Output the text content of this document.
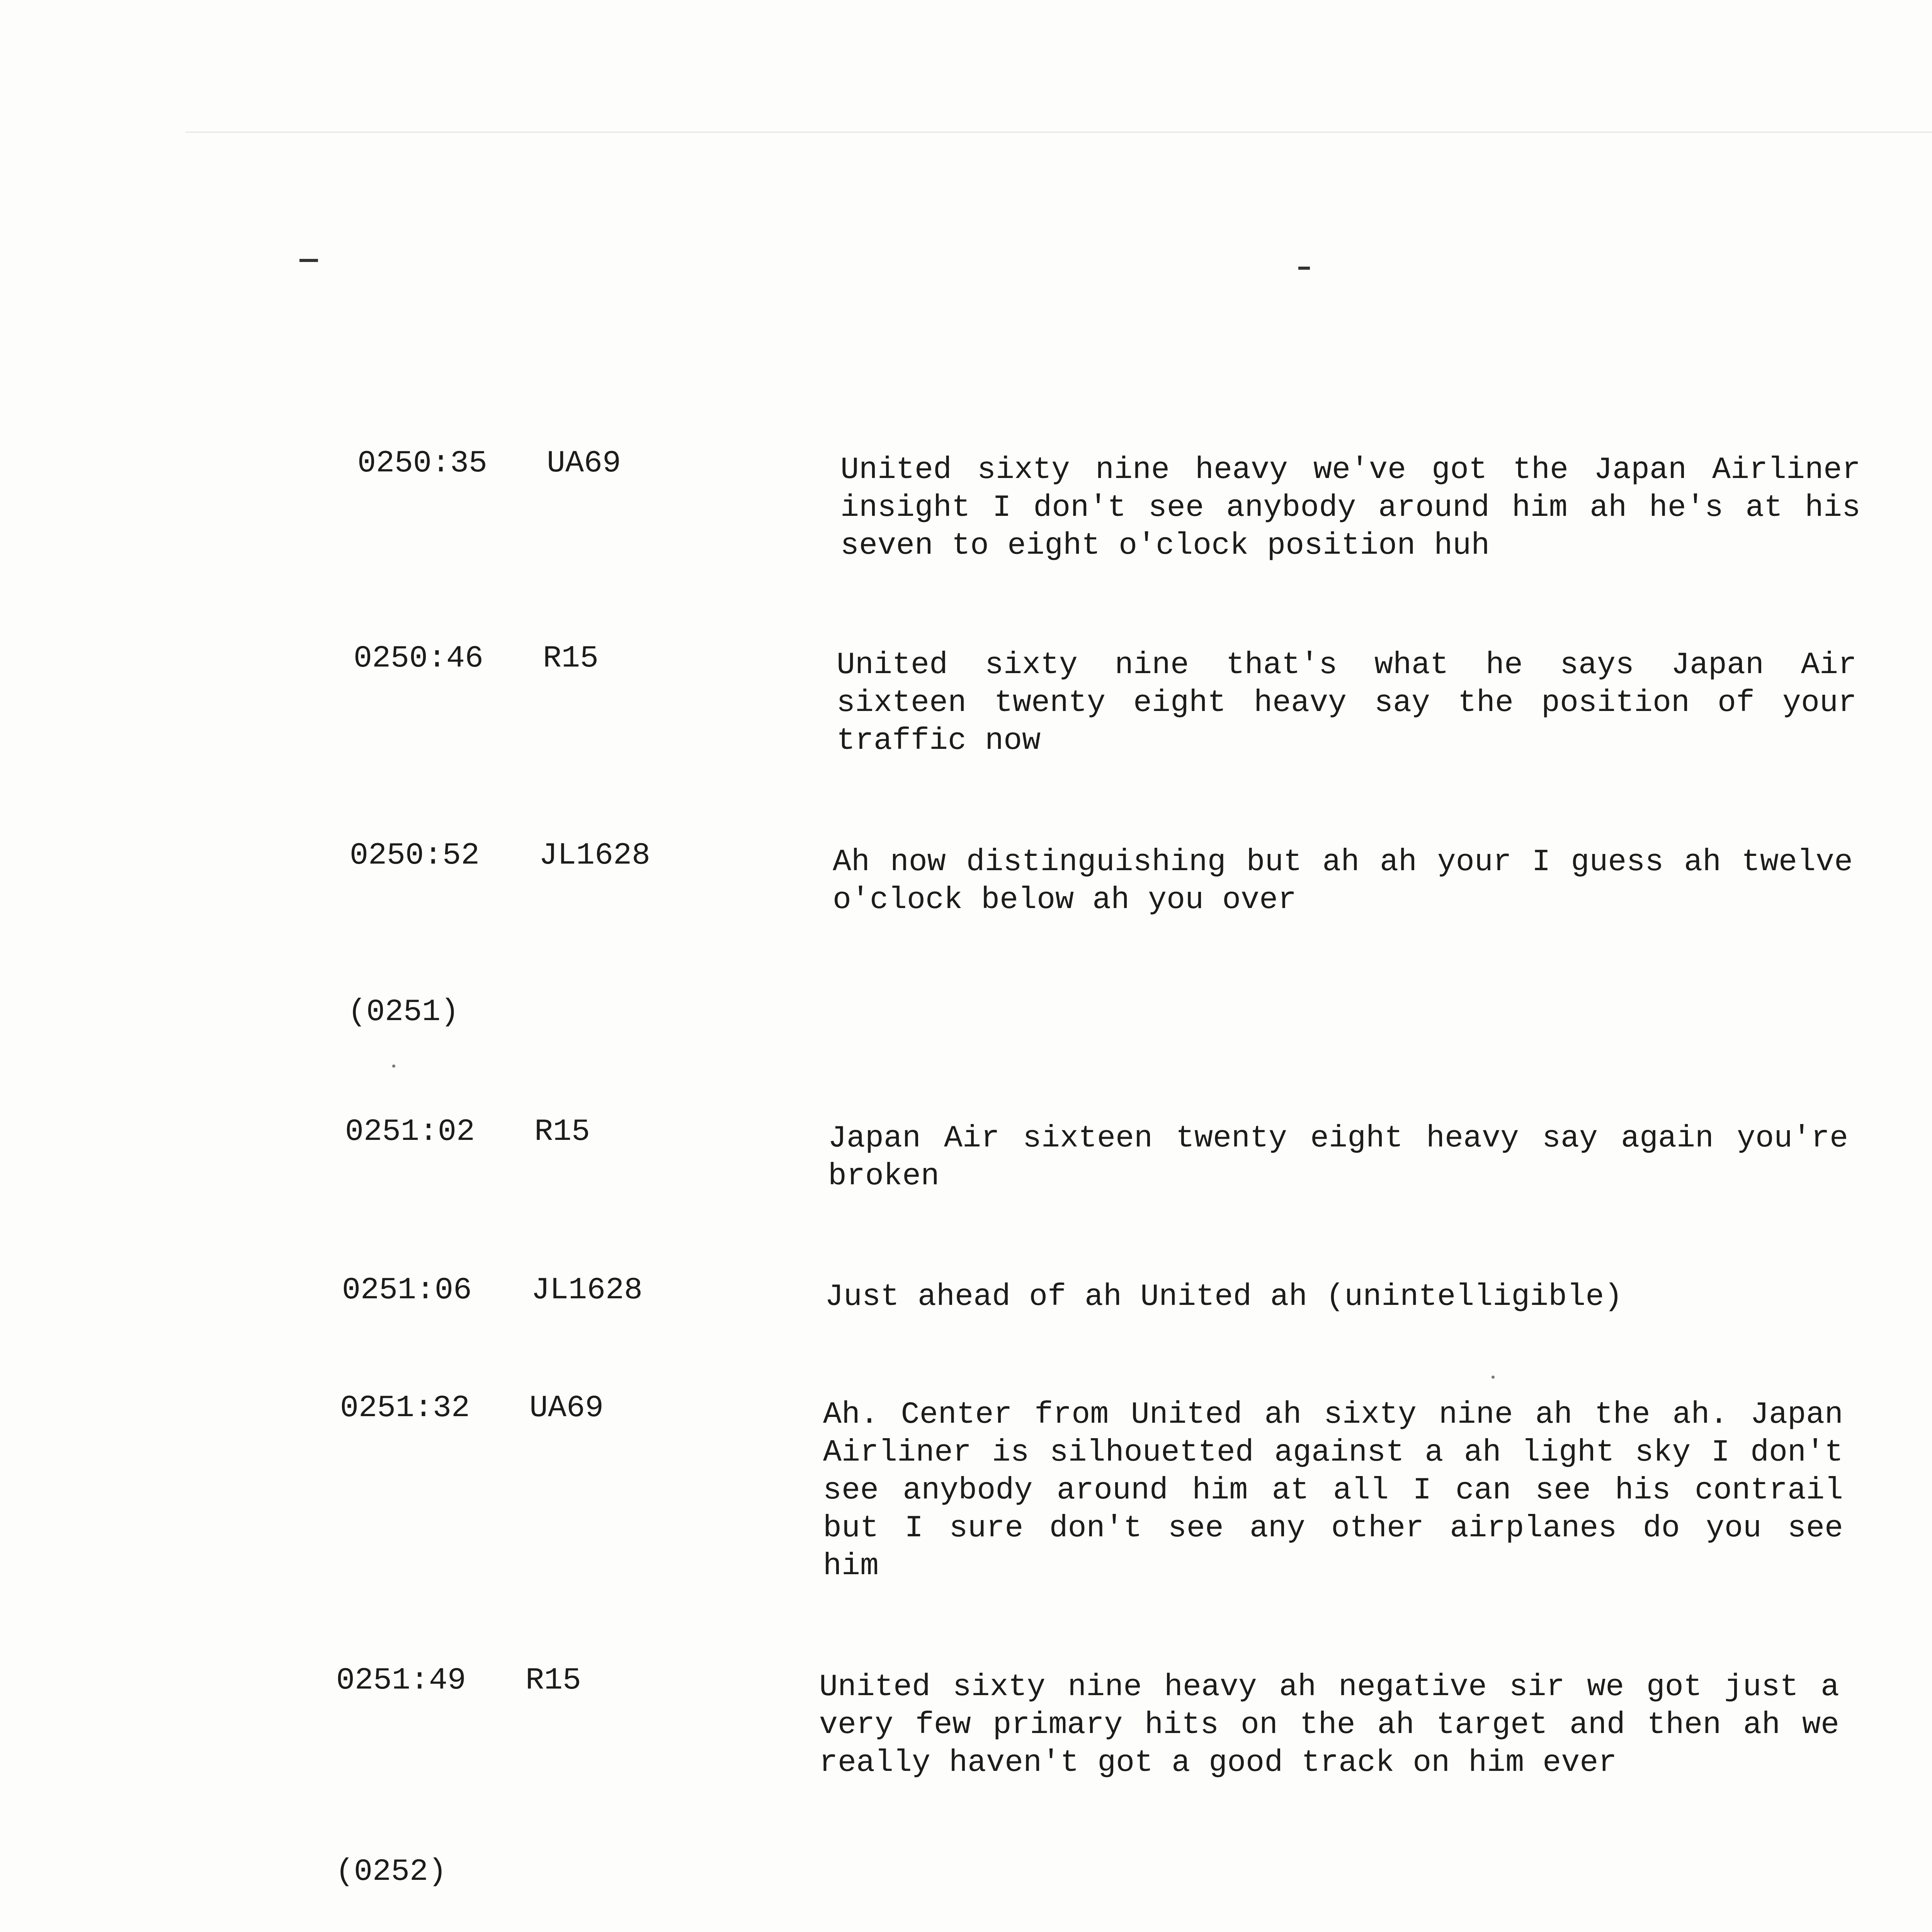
0250:35 UA69	United sixty nine heavy we've got the Japan Airliner insight I don't see anybody around him ah he's at his seven to eight o'clock position huh
0250:46 R15	United sixty nine that's what he says Japan Air sixteen twenty eight heavy say the position of your traffic now
0250:52 JL1628	Ah now distinguishing but ah ah your I guess ah twelve o'clock below ah you over
(0251)
0251:02 R15	Japan Air sixteen twenty eight heavy say again you're broken
0251:06 JL1628	Just ahead of ah United ah (unintelligible)
0251:32 UA69	Ah. Center from United ah sixty nine ah the ah. Japan Airliner is silhouetted against a ah light sky I don't see anybody around him at all I can see his contrail but I sure don't see any other airplanes do you see him
0251:49 R15	United sixty nine heavy ah negative sir we got just a very few primary hits on the ah target and then ah we really haven't got a good track on him ever
(0252)
